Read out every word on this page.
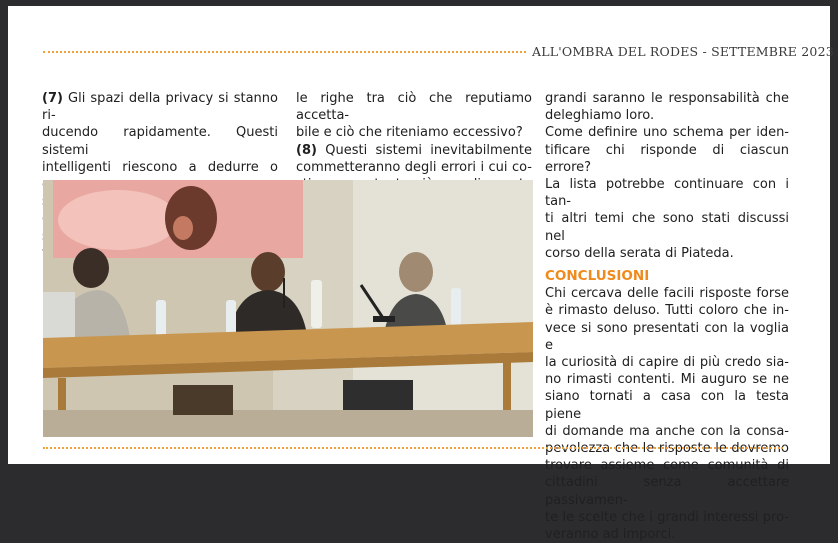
ALL'OMBRA DEL RODES - SETTEMBRE 2023
(7) Gli spazi della privacy si stanno ri-
ducendo rapidamente. Questi sistemi
intelligenti riescono a dedurre o
le righe tra ciò che reputiamo accetta-
bile e ciò che riteniamo eccessivo?
(8) Questi sistemi inevitabilmente
commetteranno degli errori i cui co-
grandi saranno le responsabilità che
deleghiamo loro.
Come definire uno schema per iden-
tificare chi risponde di ciascun errore?
La lista potrebbe continuare con i tan-
ti altri temi che sono stati discussi nel
corso della serata di Piateda.
CONCLUSIONI
Chi cercava delle facili risposte forse
è rimasto deluso. Tutti coloro che in-
vece si sono presentati con la voglia e
la curiosità di capire di più credo sia-
no rimasti contenti. Mi auguro se ne
siano tornati a casa con la testa piene
di domande ma anche con la consa-
pevolezza che le risposte le dovremo
trovare assieme come comunità di
cittadini senza accettare passivamen-
te le scelte che i grandi interessi pro-
veranno ad imporci.
